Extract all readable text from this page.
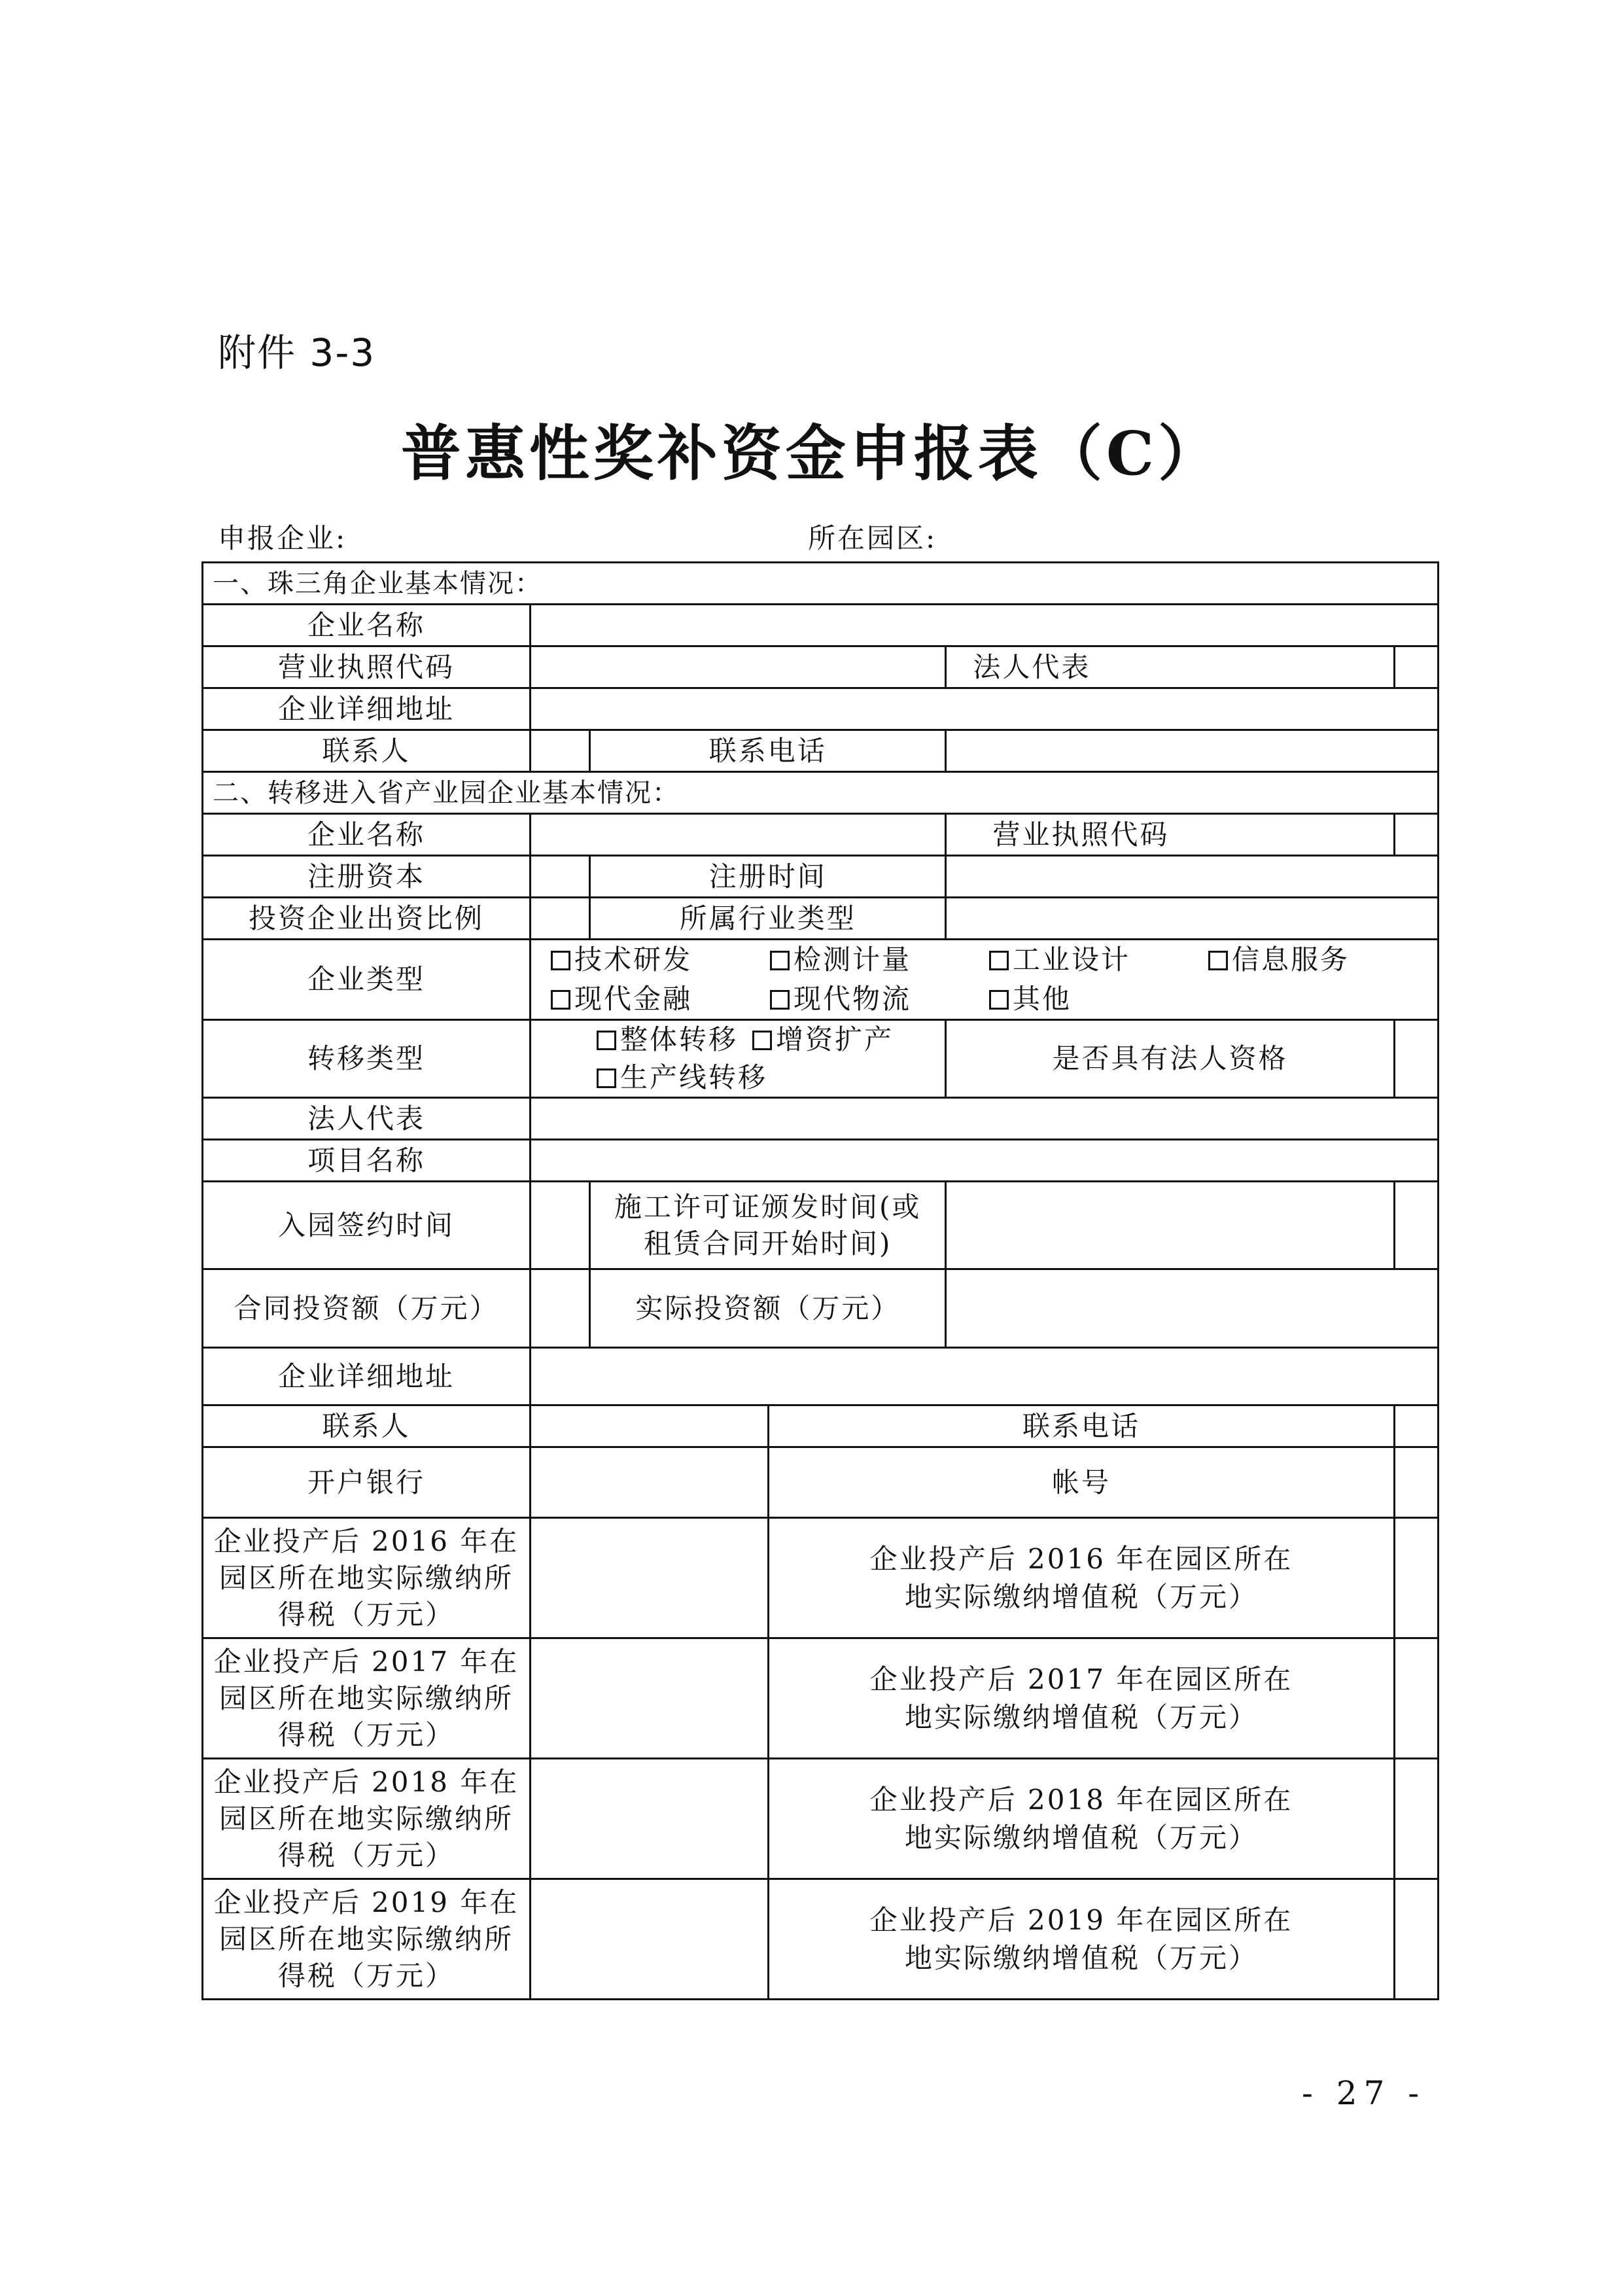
附件 3-3
普惠性奖补资金申报表（C）
申报企业:	所在园区:
一、珠三角企业基本情况：					
企业名称					
营业执照代码				法人代表	
企业详细地址					
联系人		联系电话			
二、转移进入省产业园企业基本情况：					
企业名称				营业执照代码	
注册资本		注册时间			
投资企业出资比例		所属行业类型			
企业类型	技术研发 检测计量 工业设计 信息服务
现代金融 现代物流 其他				
转移类型	整体转移 增资扩产生产线转移			是否具有法人资格	
法人代表					
项目名称					
入园签约时间		施工许可证颁发时间(或
租赁合同开始时间)			
合同投资额（万元）		实际投资额（万元）			
企业详细地址					
联系人			联系电话		
开户银行			帐号		
企业投产后 2016 年在
园区所在地实际缴纳所
得税（万元）			企业投产后 2016 年在园区所在
地实际缴纳增值税（万元）		
企业投产后 2017 年在
园区所在地实际缴纳所
得税（万元）			企业投产后 2017 年在园区所在
地实际缴纳增值税（万元）		
企业投产后 2018 年在
园区所在地实际缴纳所
得税（万元）			企业投产后 2018 年在园区所在
地实际缴纳增值税（万元）		
企业投产后 2019 年在
园区所在地实际缴纳所
得税（万元）			企业投产后 2019 年在园区所在
地实际缴纳增值税（万元）		
- 27 -
